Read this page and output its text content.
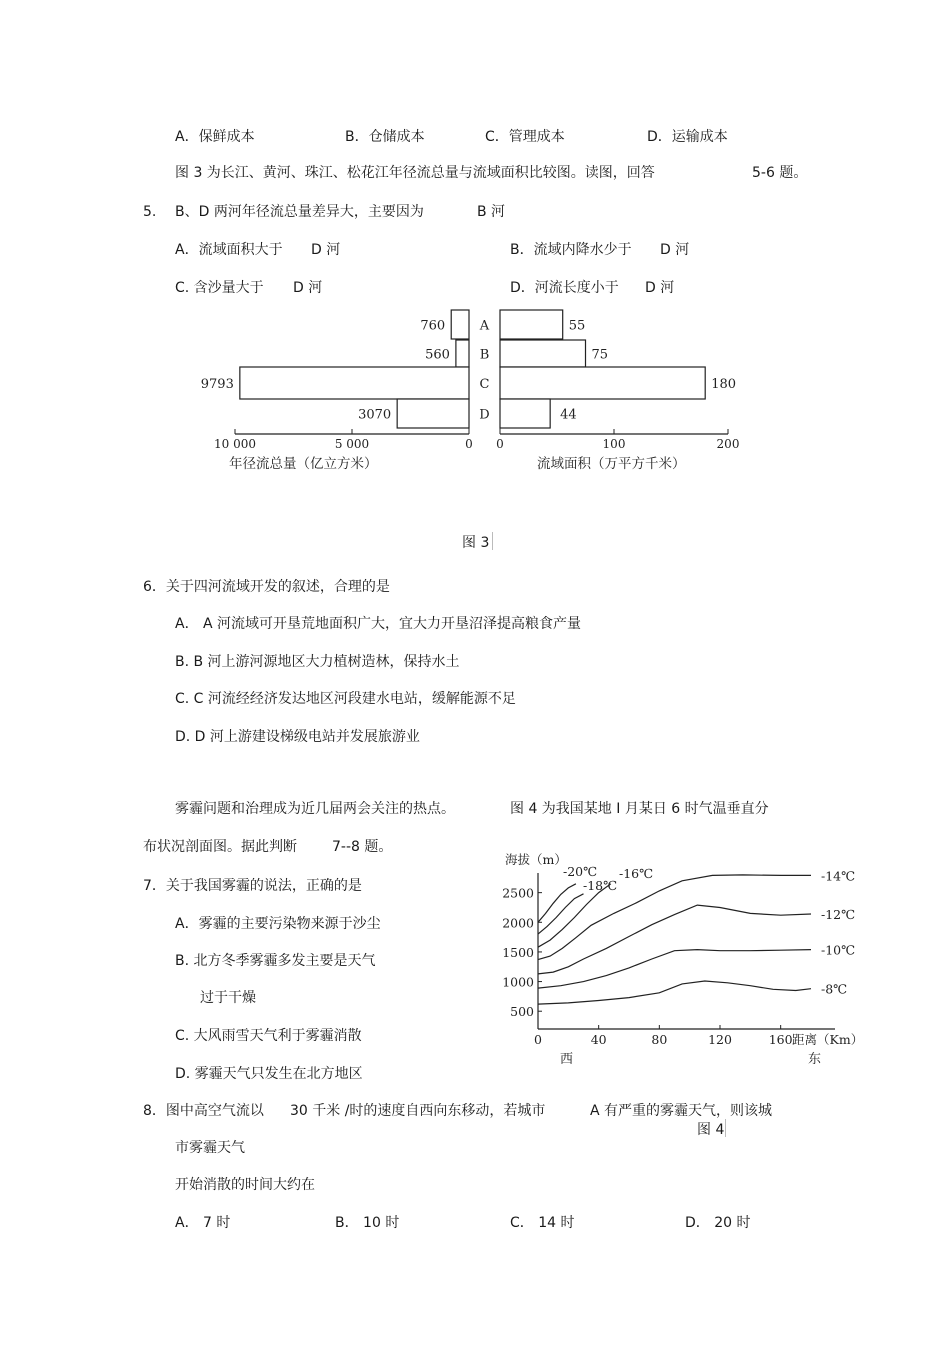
A．保鲜成本	B．仓储成本	C．管理成本	D．运输成本
图 3 为长江、黄河、珠江、松花江年径流总量与流域面积比较图。读图，回答	5-6 题。
5. B、D 两河年径流总量差异大，主要因为	B 河
A．流域面积大于 D 河	B．流域内降水少于 D 河
C. 含沙量大于 D 河	D．河流长度小于 D 河
0
5 000
10 000	0	100	200
760	55
A
560	75
B
9793	180
C
3070	44
D
年径流总量（亿立方米）	流域面积（万平方千米）
图 3
6．关于四河流域开发的叙述，合理的是
A． A 河流域可开垦荒地面积广大，宜大力开垦沼泽提高粮食产量
B. B 河上游河源地区大力植树造林，保持水土
C. C 河流经经济发达地区河段建水电站，缓解能源不足
D. D 河上游建设梯级电站并发展旅游业
雾霾问题和治理成为近几届两会关注的热点。	图 4 为我国某地 I 月某日 6 时气温垂直分
布状况剖面图。据此判断	7--8 题。
7．关于我国雾霾的说法，正确的是
A．雾霾的主要污染物来源于沙尘
B. 北方冬季雾霾多发主要是天气
过于干燥
C. 大风雨雪天气利于雾霾消散
D. 雾霾天气只发生在北方地区
0	40	80	120	160
500
1000
1500
2000
2500
海拔（m）
距离（Km）
西	东
-14℃
-12℃
-10℃
-8℃
-20℃
-18℃
-16℃
8．图中高空气流以 30 千米 /时的速度自西向东移动，若城市	A 有严重的雾霾天气，则该城
图 4
市雾霾天气
开始消散的时间大约在
A． 7 时	B． 10 时	C． 14 时	D． 20 时
